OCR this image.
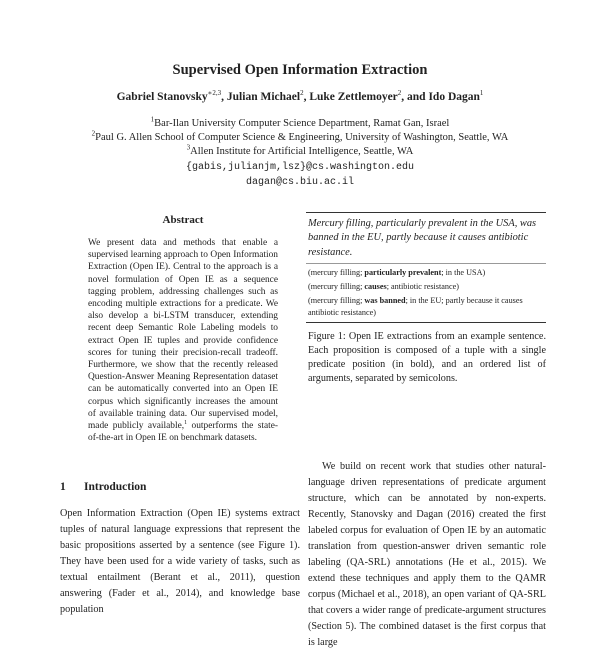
Supervised Open Information Extraction
Gabriel Stanovsky$^{∗2,3}$, Julian Michael$^2$, Luke Zettlemoyer$^2$, and Ido Dagan$^1$
$^1$Bar-Ilan University Computer Science Department, Ramat Gan, Israel
$^2$Paul G. Allen School of Computer Science & Engineering, University of Washington, Seattle, WA
$^3$Allen Institute for Artificial Intelligence, Seattle, WA
{gabis,julianjm,lsz}@cs.washington.edu
dagan@cs.biu.ac.il
Abstract
We present data and methods that enable a supervised learning approach to Open Information Extraction (Open IE). Central to the approach is a novel formulation of Open IE as a sequence tagging problem, addressing challenges such as encoding multiple extractions for a predicate. We also develop a bi-LSTM transducer, extending recent deep Semantic Role Labeling models to extract Open IE tuples and provide confidence scores for tuning their precision-recall tradeoff. Furthermore, we show that the recently released Question-Answer Meaning Representation dataset can be automatically converted into an Open IE corpus which significantly increases the amount of available training data. Our supervised model, made publicly available,$^1$ outperforms the state-of-the-art in Open IE on benchmark datasets.
1 Introduction
Open Information Extraction (Open IE) systems extract tuples of natural language expressions that represent the basic propositions asserted by a sentence (see Figure 1). They have been used for a wide variety of tasks, such as textual entailment (Berant et al., 2011), question answering (Fader et al., 2014), and knowledge base population
Mercury filling, particularly prevalent in the USA, was banned in the EU, partly because it causes antibiotic resistance.
(mercury filling; particularly prevalent; in the USA)
(mercury filling; causes; antibiotic resistance)
(mercury filling; was banned; in the EU; partly because it causes antibiotic resistance)
Figure 1: Open IE extractions from an example sentence. Each proposition is composed of a tuple with a single predicate position (in bold), and an ordered list of arguments, separated by semicolons.
We build on recent work that studies other natural-language driven representations of predicate argument structure, which can be annotated by non-experts. Recently, Stanovsky and Dagan (2016) created the first labeled corpus for evaluation of Open IE by an automatic translation from question-answer driven semantic role labeling (QA-SRL) annotations (He et al., 2015). We extend these techniques and apply them to the QAMR corpus (Michael et al., 2018), an open variant of QA-SRL that covers a wider range of predicate-argument structures (Section 5). The combined dataset is the first corpus that is large
